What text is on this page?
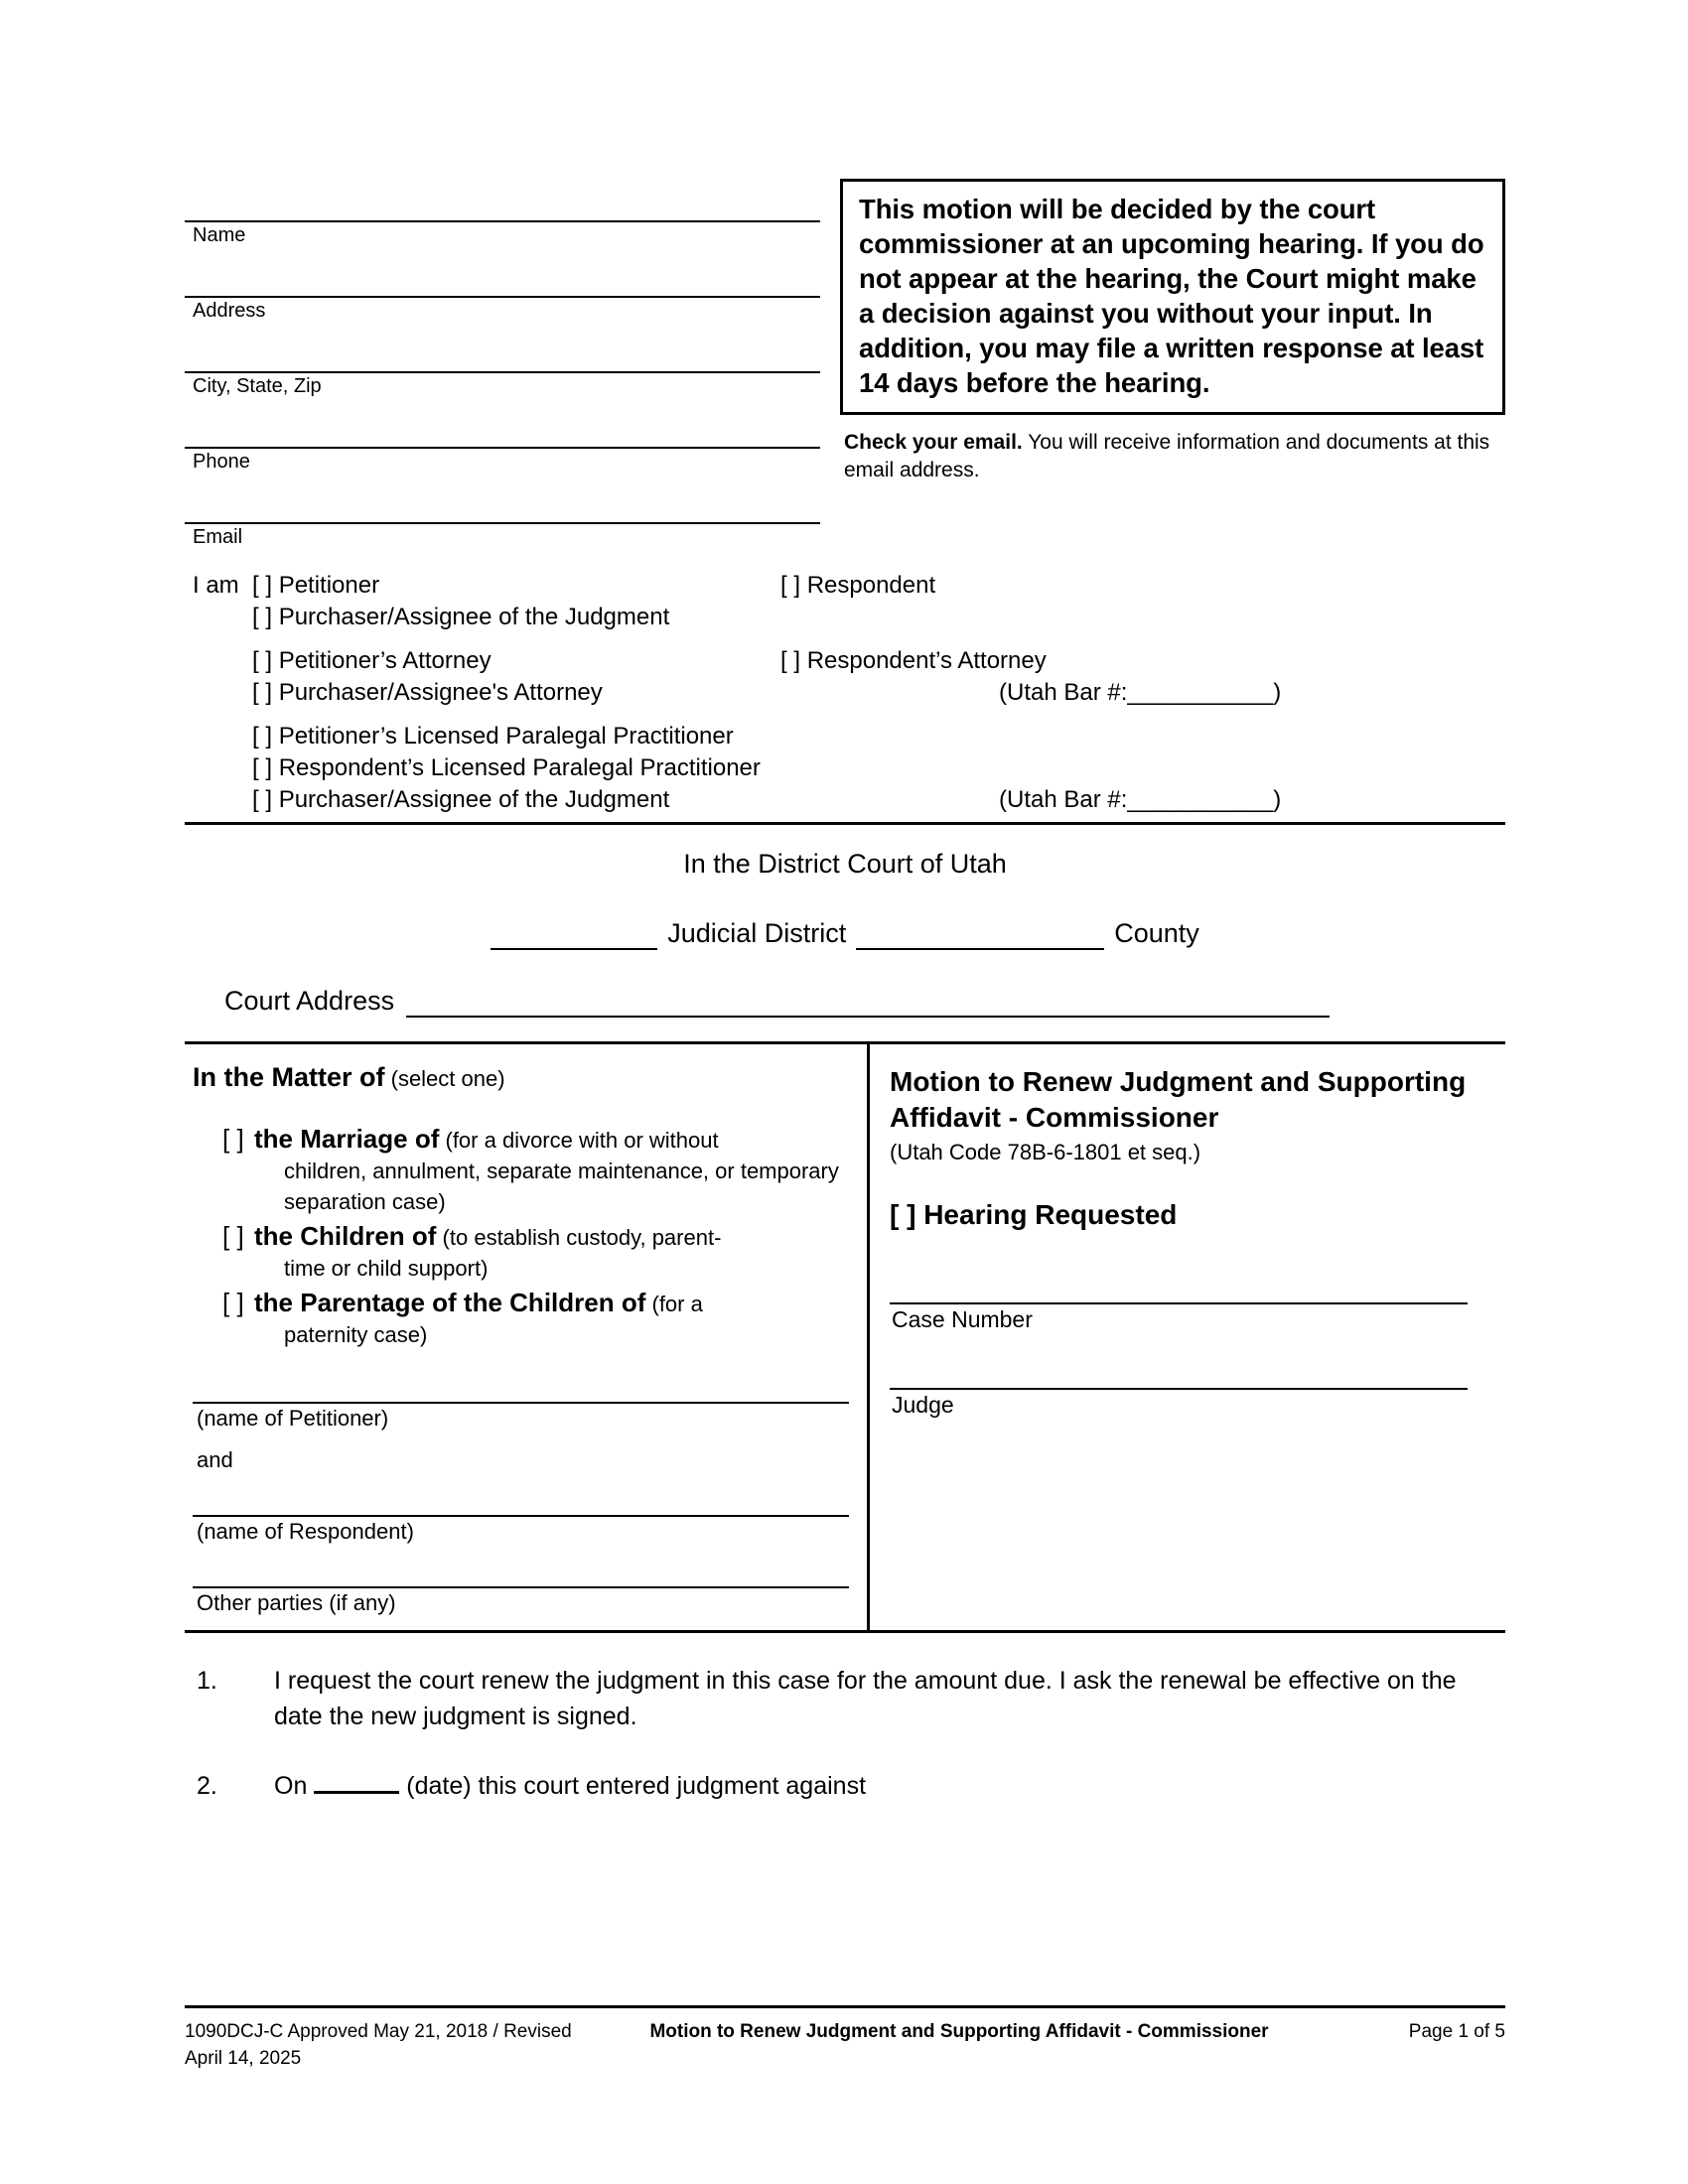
Name
Address
City, State, Zip
Phone
Email
This motion will be decided by the court commissioner at an upcoming hearing. If you do not appear at the hearing, the Court might make a decision against you without your input. In addition, you may file a written response at least 14 days before the hearing.
Check your email. You will receive information and documents at this email address.
I am [ ] Petitioner	[ ] Respondent
[ ] Purchaser/Assignee of the Judgment
[ ] Petitioner’s Attorney	[ ] Respondent’s Attorney
[ ] Purchaser/Assignee's Attorney	(Utah Bar #:___________)
[ ] Petitioner’s Licensed Paralegal Practitioner
[ ] Respondent’s Licensed Paralegal Practitioner
[ ] Purchaser/Assignee of the Judgment	(Utah Bar #:___________)
In the District Court of Utah
Judicial District	County
Court Address
In the Matter of (select one)
[ ] the Marriage of (for a divorce with or without
children, annulment, separate maintenance, or temporary separation case)
[ ] the Children of (to establish custody, parent-
time or child support)
[ ] the Parentage of the Children of (for a
paternity case)
(name of Petitioner)
and
(name of Respondent)
Other parties (if any)
Motion to Renew Judgment and Supporting Affidavit - Commissioner
(Utah Code 78B-6-1801 et seq.)
[ ] Hearing Requested
Case Number
Judge
1. I request the court renew the judgment in this case for the amount due. I ask the renewal be effective on the date the new judgment is signed.
2. On	(date) this court entered judgment against
1090DCJ-C Approved May 21, 2018 / Revised April 14, 2025
Motion to Renew Judgment and Supporting Affidavit - Commissioner	Page 1 of 5
